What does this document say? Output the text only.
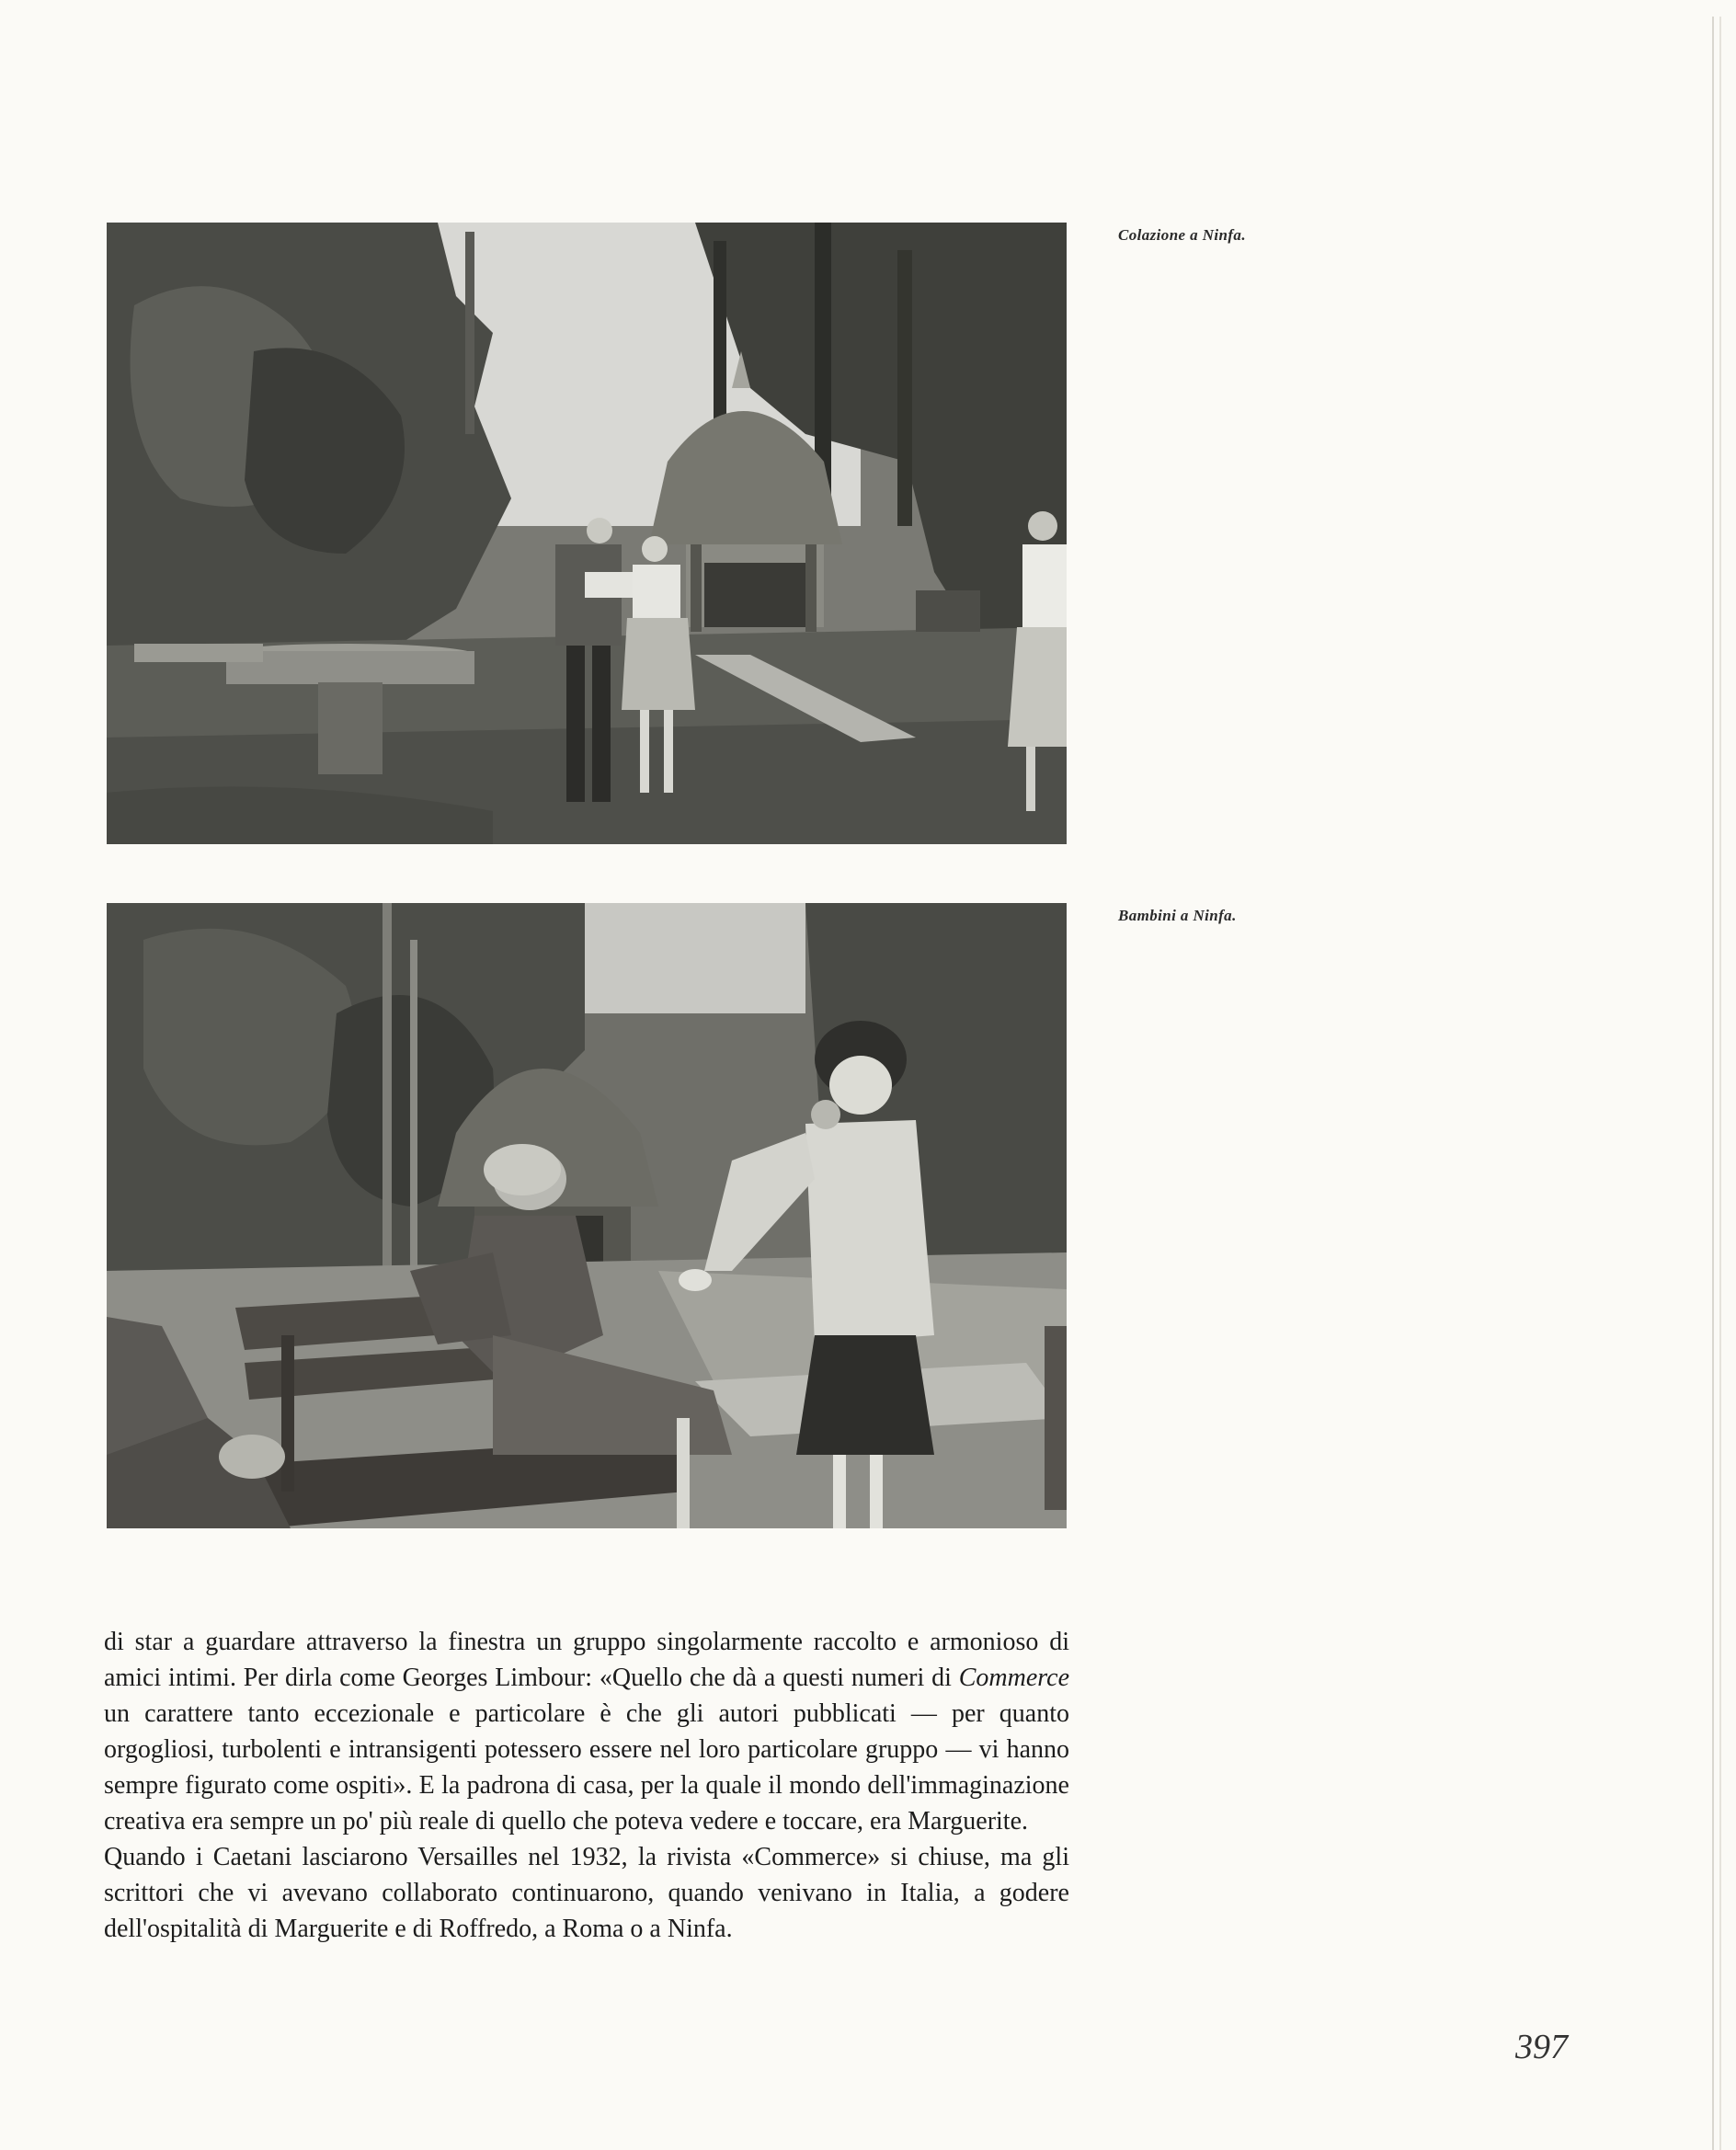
Colazione a Ninfa.
Bambini a Ninfa.

di star a guardare attraverso la finestra un gruppo singolarmente raccolto e armonioso di amici intimi. Per dirla come Georges Limbour: «Quello che dà a questi numeri di Commerce un carattere tanto eccezionale e particolare è che gli autori pubblicati — per quanto orgogliosi, turbolenti e intransigenti potessero essere nel loro particolare gruppo — vi hanno sempre figurato come ospiti». E la padrona di casa, per la quale il mondo dell'immaginazione creativa era sempre un po' più reale di quello che poteva vedere e toccare, era Marguerite.

Quando i Caetani lasciarono Versailles nel 1932, la rivista «Commerce» si chiuse, ma gli scrittori che vi avevano collaborato continuarono, quando venivano in Italia, a godere dell'ospitalità di Marguerite e di Roffredo, a Roma o a Ninfa.

397
